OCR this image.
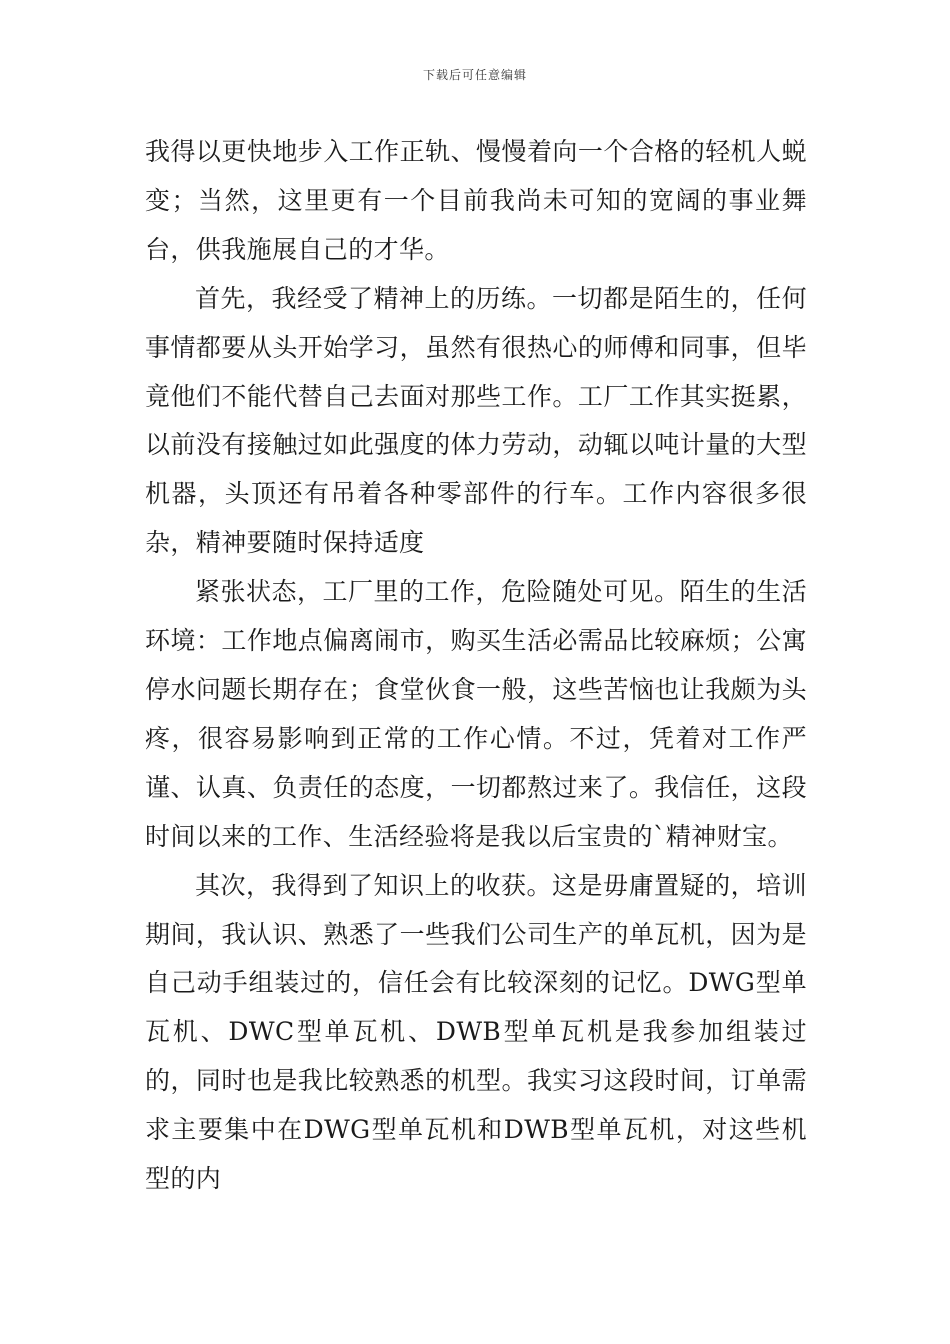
下载后可任意编辑

我得以更快地步入工作正轨、慢慢着向一个合格的轻机人蜕变；当然，这里更有一个目前我尚未可知的宽阔的事业舞台，供我施展自己的才华。

首先，我经受了精神上的历练。一切都是陌生的，任何事情都要从头开始学习，虽然有很热心的师傅和同事，但毕竟他们不能代替自己去面对那些工作。工厂工作其实挺累，以前没有接触过如此强度的体力劳动，动辄以吨计量的大型机器，头顶还有吊着各种零部件的行车。工作内容很多很杂，精神要随时保持适度

紧张状态，工厂里的工作，危险随处可见。陌生的生活环境：工作地点偏离闹市，购买生活必需品比较麻烦；公寓停水问题长期存在；食堂伙食一般，这些苦恼也让我颇为头疼，很容易影响到正常的工作心情。不过，凭着对工作严谨、认真、负责任的态度，一切都熬过来了。我信任，这段时间以来的工作、生活经验将是我以后宝贵的`精神财宝。

其次，我得到了知识上的收获。这是毋庸置疑的，培训期间，我认识、熟悉了一些我们公司生产的单瓦机，因为是自己动手组装过的，信任会有比较深刻的记忆。DWG型单瓦机、DWC型单瓦机、DWB型单瓦机是我参加组装过的，同时也是我比较熟悉的机型。我实习这段时间，订单需求主要集中在DWG型单瓦机和DWB型单瓦机，对这些机型的内
